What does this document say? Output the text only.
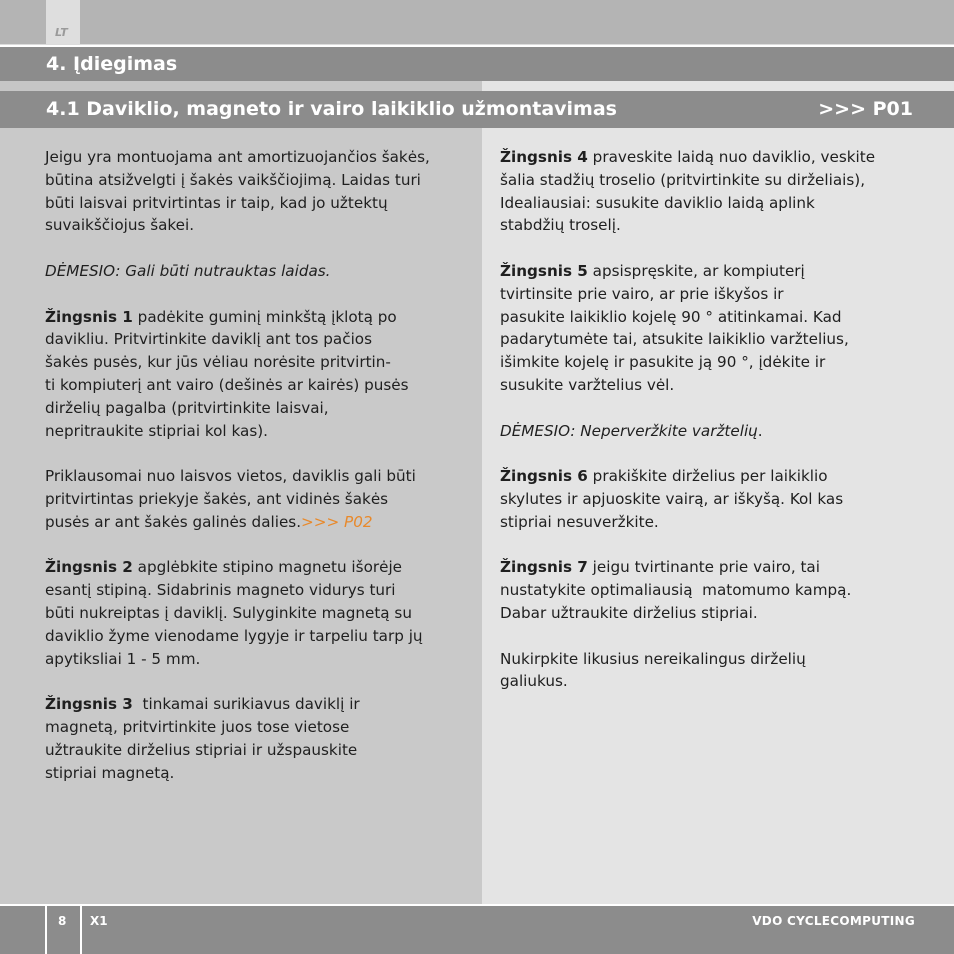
LT
4. Įdiegimas
4.1 Daviklio, magneto ir vairo laikiklio užmontavimas	>>> P01

Jeigu yra montuojama ant amortizuojančios šakės,
būtina atsižvelgti į šakės vaikščiojimą. Laidas turi
būti laisvai pritvirtintas ir taip, kad jo užtektų
suvaikščiojus šakei.

DĖMESIO: Gali būti nutrauktas laidas.

Žingsnis 1 padėkite guminį minkštą įklotą po
davikliu. Pritvirtinkite daviklį ant tos pačios
šakės pusės, kur jūs vėliau norėsite pritvirtin-
ti kompiuterį ant vairo (dešinės ar kairės) pusės
dirželių pagalba (pritvirtinkite laisvai,
nepritraukite stipriai kol kas).

Priklausomai nuo laisvos vietos, daviklis gali būti
pritvirtintas priekyje šakės, ant vidinės šakės
pusės ar ant šakės galinės dalies.>>> P02

Žingsnis 2 apglėbkite stipino magnetu išorėje
esantį stipiną. Sidabrinis magneto vidurys turi
būti nukreiptas į daviklį. Sulyginkite magnetą su
daviklio žyme vienodame lygyje ir tarpeliu tarp jų
apytiksliai 1 - 5 mm.

Žingsnis 3  tinkamai surikiavus daviklį ir
magnetą, pritvirtinkite juos tose vietose
užtraukite dirželius stipriai ir užspauskite
stipriai magnetą.

Žingsnis 4 praveskite laidą nuo daviklio, veskite
šalia stadžių troselio (pritvirtinkite su dirželiais),
Idealiausiai: susukite daviklio laidą aplink
stabdžių troselį.

Žingsnis 5 apsispręskite, ar kompiuterį
tvirtinsite prie vairo, ar prie iškyšos ir
pasukite laikiklio kojelę 90 ° atitinkamai. Kad
padarytumėte tai, atsukite laikiklio varžtelius,
išimkite kojelę ir pasukite ją 90 °, įdėkite ir
susukite varžtelius vėl.

DĖMESIO: Neperveržkite varžtelių.

Žingsnis 6 prakiškite dirželius per laikiklio
skylutes ir apjuoskite vairą, ar iškyšą. Kol kas
stipriai nesuveržkite.

Žingsnis 7 jeigu tvirtinante prie vairo, tai
nustatykite optimaliausią  matomumo kampą.
Dabar užtraukite dirželius stipriai.

Nukirpkite likusius nereikalingus dirželių
galiukus.

8 X1	VDO CYCLECOMPUTING
